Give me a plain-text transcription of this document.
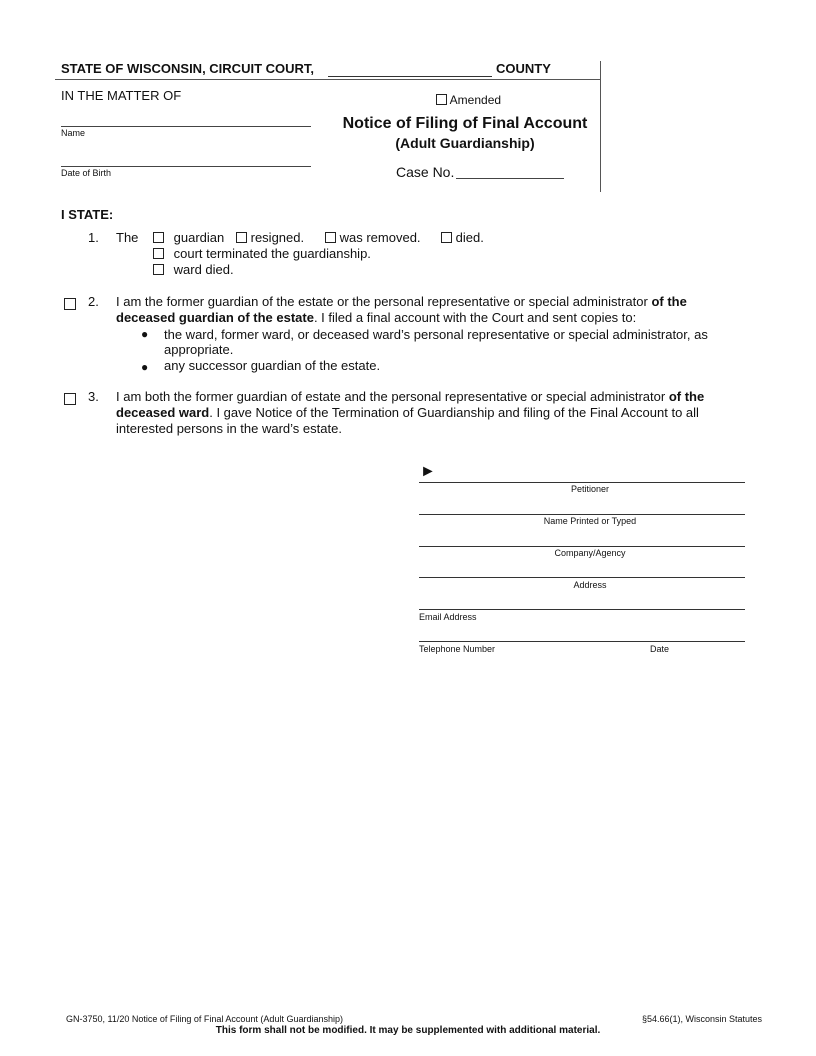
STATE OF WISCONSIN, CIRCUIT COURT,	COUNTY
IN THE MATTER OF
Name
Date of Birth
Amended
Notice of Filing of Final Account
(Adult Guardianship)
Case No.
I STATE:
1. The	guardian	resigned.	was removed.	died.
court terminated the guardianship.
ward died.
2. I am the former guardian of the estate or the personal representative or special administrator of the
deceased guardian of the estate. I filed a final account with the Court and sent copies to:
● the ward, former ward, or deceased ward’s personal representative or special administrator, as
appropriate.
● any successor guardian of the estate.
3. I am both the former guardian of estate and the personal representative or special administrator of the
deceased ward. I gave Notice of the Termination of Guardianship and filing of the Final Account to all
interested persons in the ward’s estate.
►
Petitioner
Name Printed or Typed
Company/Agency
Address
Email Address
Telephone Number	Date
GN-3750, 11/20 Notice of Filing of Final Account (Adult Guardianship)	§54.66(1), Wisconsin Statutes
This form shall not be modified. It may be supplemented with additional material.
